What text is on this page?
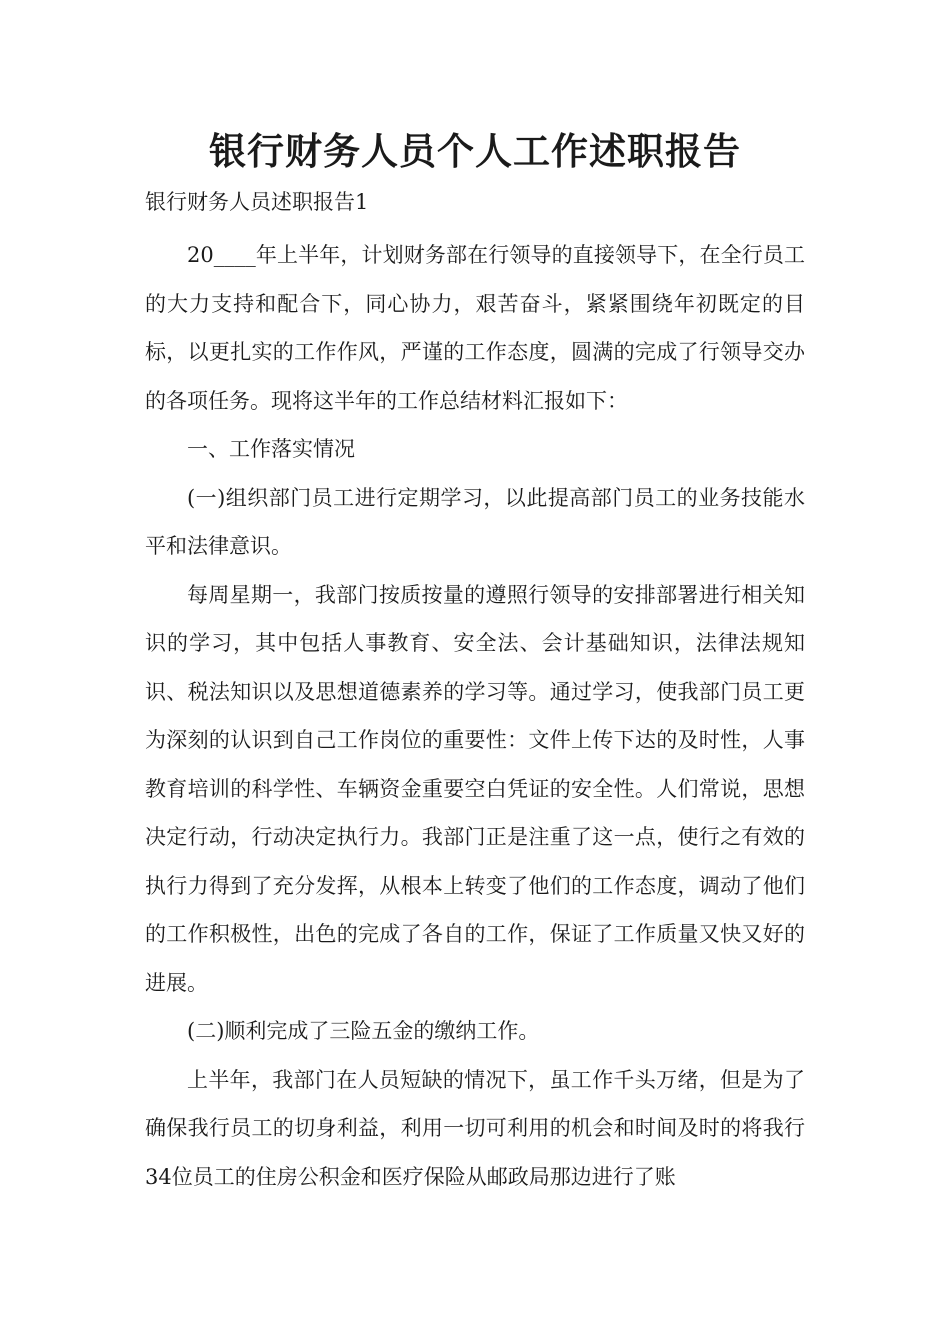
银行财务人员个人工作述职报告

银行财务人员述职报告1

20____年上半年，计划财务部在行领导的直接领导下，在全行员工的大力支持和配合下，同心协力，艰苦奋斗，紧紧围绕年初既定的目标，以更扎实的工作作风，严谨的工作态度，圆满的完成了行领导交办的各项任务。现将这半年的工作总结材料汇报如下：

一、工作落实情况

(一)组织部门员工进行定期学习，以此提高部门员工的业务技能水平和法律意识。

每周星期一，我部门按质按量的遵照行领导的安排部署进行相关知识的学习，其中包括人事教育、安全法、会计基础知识，法律法规知识、税法知识以及思想道德素养的学习等。通过学习，使我部门员工更为深刻的认识到自己工作岗位的重要性：文件上传下达的及时性，人事教育培训的科学性、车辆资金重要空白凭证的安全性。人们常说，思想决定行动，行动决定执行力。我部门正是注重了这一点，使行之有效的执行力得到了充分发挥，从根本上转变了他们的工作态度，调动了他们的工作积极性，出色的完成了各自的工作，保证了工作质量又快又好的进展。

(二)顺利完成了三险五金的缴纳工作。

上半年，我部门在人员短缺的情况下，虽工作千头万绪，但是为了确保我行员工的切身利益，利用一切可利用的机会和时间及时的将我行34位员工的住房公积金和医疗保险从邮政局那边进行了账
